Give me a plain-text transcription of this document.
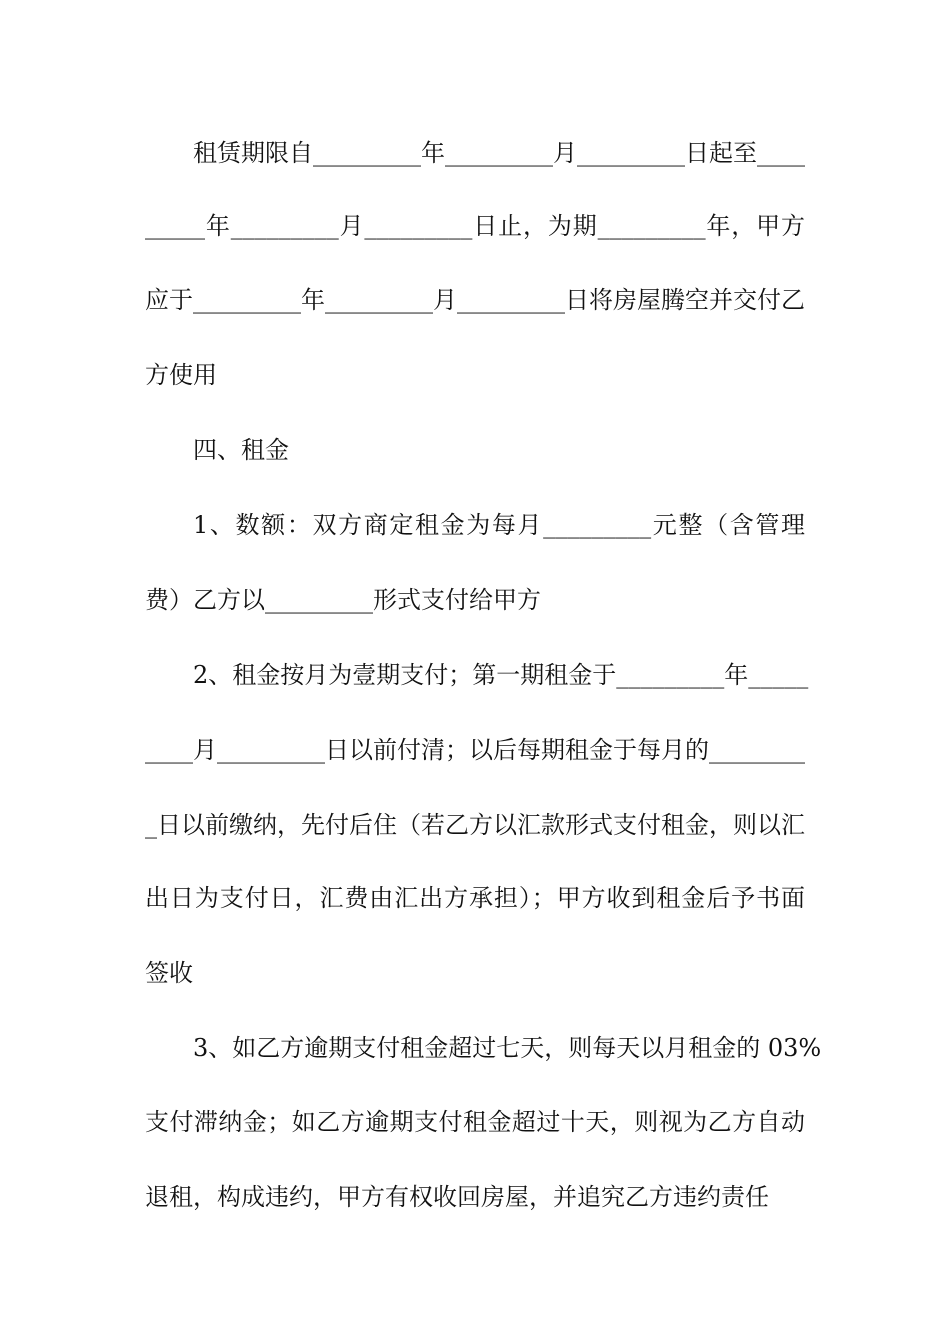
租赁期限自_________年_________月_________日起至____
_____年_________月_________日止，为期_________年，甲方
应于_________年_________月_________日将房屋腾空并交付乙
方使用
四、租金
1、数额：双方商定租金为每月_________元整（含管理
费）乙方以_________形式支付给甲方
2、租金按月为壹期支付；第一期租金于_________年_____
____月_________日以前付清；以后每期租金于每月的________
_日以前缴纳，先付后住（若乙方以汇款形式支付租金，则以汇
出日为支付日，汇费由汇出方承担）；甲方收到租金后予书面
签收
3、如乙方逾期支付租金超过七天，则每天以月租金的 03%
支付滞纳金；如乙方逾期支付租金超过十天，则视为乙方自动
退租，构成违约，甲方有权收回房屋，并追究乙方违约责任
